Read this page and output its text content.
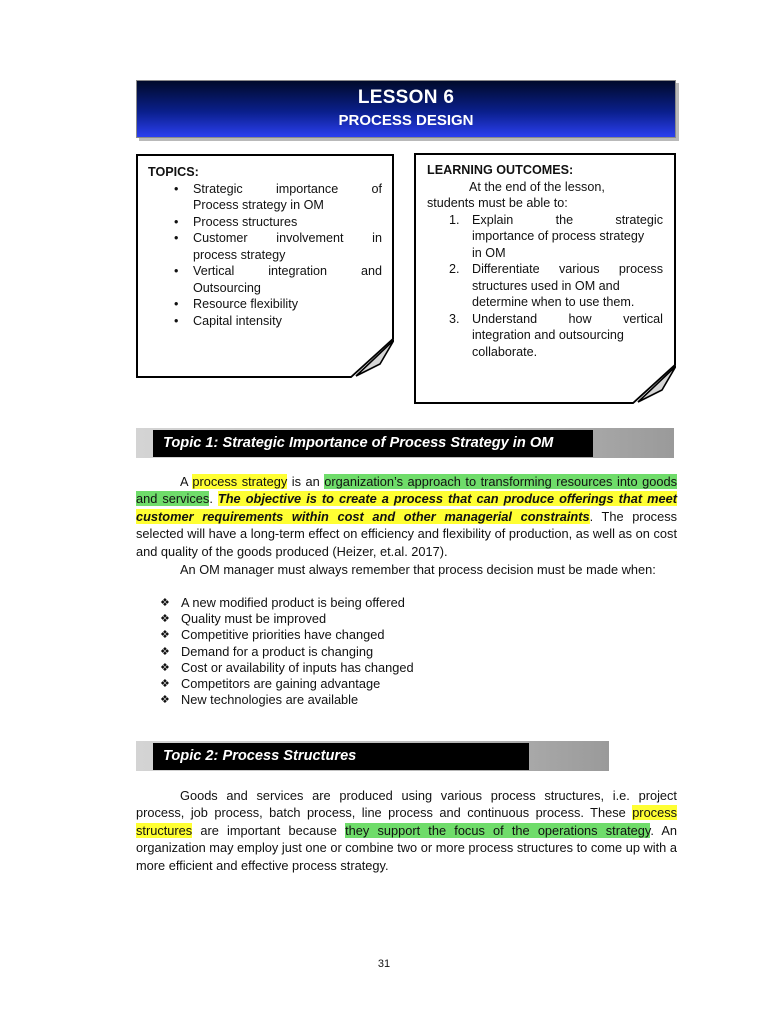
LESSON 6
PROCESS DESIGN
TOPICS:
• Strategic	importance	of
Process strategy in OM
• Process structures
• Customer involvement in
process strategy
• Vertical	integration	and
Outsourcing
• Resource flexibility
• Capital intensity
LEARNING OUTCOMES:
At the end of the lesson,
students must be able to:
1. Explain	the	strategic
importance of process strategy
in OM
2. Differentiate various process
structures used in OM and
determine when to use them.
3. Understand how vertical
integration and outsourcing
collaborate.
Topic 1: Strategic Importance of Process Strategy in OM
A process strategy is an organization’s approach to transforming resources into goods and services. The objective is to create a process that can produce offerings that meet customer requirements within cost and other managerial constraints. The process selected will have a long-term effect on efficiency and flexibility of production, as well as on cost and quality of the goods produced (Heizer, et.al. 2017).
An OM manager must always remember that process decision must be made when:
❖ A new modified product is being offered
❖ Quality must be improved
❖ Competitive priorities have changed
❖ Demand for a product is changing
❖ Cost or availability of inputs has changed
❖ Competitors are gaining advantage
❖ New technologies are available
Topic 2: Process Structures
Goods and services are produced using various process structures, i.e. project process, job process, batch process, line process and continuous process. These process structures are important because they support the focus of the operations strategy. An organization may employ just one or combine two or more process structures to come up with a more efficient and effective process strategy.
31
